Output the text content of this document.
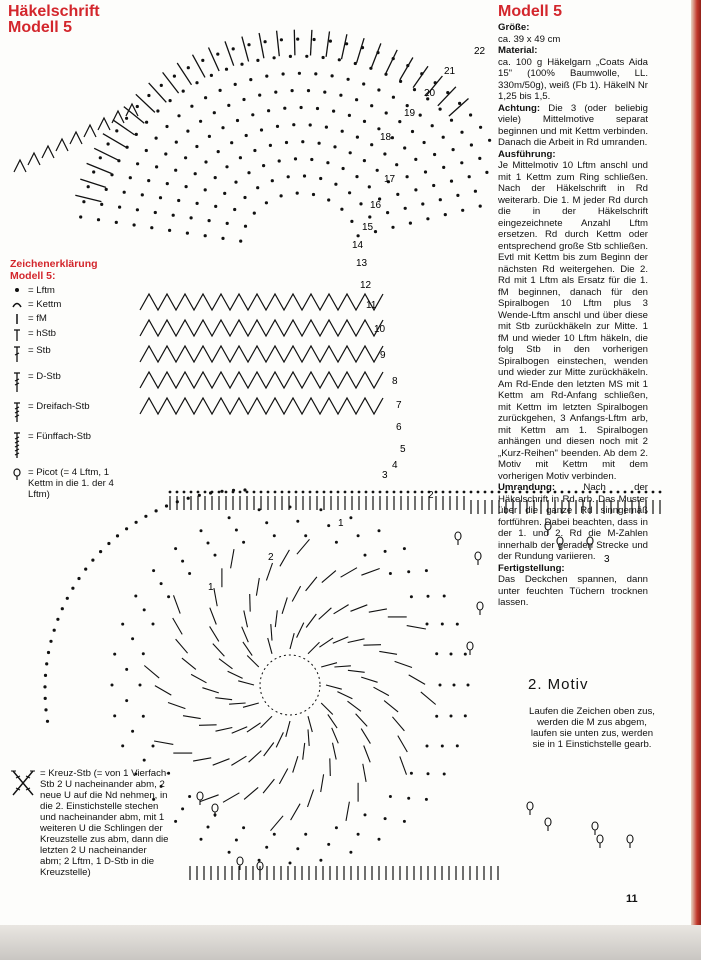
1
2
3
4
5
6
7
8
9
10
11
12
13
14
15
16
17
18
19
20
21
22
1
2	3
Häkelschrift
Modell 5
Modell 5
Größe:
ca. 39 x 49 cm
Material:
ca. 100 g Häkelgarn „Coats Aida 15" (100% Baumwolle, LL. 330m/50g), weiß (Fb 1). HäkelN Nr 1,25 bis 1,5.
Achtung: Die 3 (oder beliebig viele) Mittelmotive separat beginnen und mit Kettm verbinden. Danach die Arbeit in Rd umranden.
Ausführung:
Je Mittelmotiv 10 Lftm anschl und mit 1 Kettm zum Ring schließen. Nach der Häkelschrift in Rd weiterarb. Die 1. M jeder Rd durch die in der Häkelschrift eingezeichnete Anzahl Lftm ersetzen. Rd durch Kettm oder entsprechend große Stb schließen. Evtl mit Kettm bis zum Beginn der nächsten Rd weitergehen. Die 2. Rd mit 1 Lftm als Ersatz für die 1. fM beginnen, danach für den Spiralbogen 10 Lftm plus 3 Wende-Lftm anschl und über diese mit Stb zurückhäkeln zur Mitte. 1 fM und wieder 10 Lftm häkeln, die folg Stb in den vorherigen Spiralbogen einstechen, wenden und wieder zur Mitte zurückhäkeln. Am Rd-Ende den letzten MS mit 1 Kettm am Rd-Anfang schließen, mit Kettm im letzten Spiralbogen zurückgehen, 3 Anfangs-Lftm arb, mit Kettm am 1. Spiralbogen anhängen und diesen noch mit 2 „Kurz-Reihen" beenden. Ab dem 2. Motiv mit Kettm mit dem vorherigen Motiv verbinden.
Umrandung:	Nach der Häkelschrift in Rd arb. Das Muster über die ganze Rd sinngemäß fortführen. Dabei beachten, dass in der 1. und 2. Rd die M-Zahlen innerhalb der geraden Strecke und der Rundung variieren.
Fertigstellung:
Das Deckchen spannen, dann unter feuchten Tüchern trocknen lassen.
Zeichenerklärung
Modell 5:
= Lftm
= Kettm
= fM
= hStb
= Stb
= D-Stb
= Dreifach-Stb
= Fünffach-Stb
= Picot (= 4 Lftm, 1 Kettm in die 1. der 4 Lftm)
= Kreuz-Stb (= von 1 Vierfach-Stb 2 U nacheinander abm, 2 neue U auf die Nd nehmen, in die 2. Einstichstelle stechen und nacheinander abm, mit 1 weiteren U die Schlingen der Kreuzstelle zus abm, dann die letzten 2 U nacheinander abm; 2 Lftm, 1 D-Stb in die Kreuzstelle)
2. Motiv
Laufen die Zeichen oben zus, werden die M zus abgem, laufen sie unten zus, werden sie in 1 Einstichstelle gearb.
11
